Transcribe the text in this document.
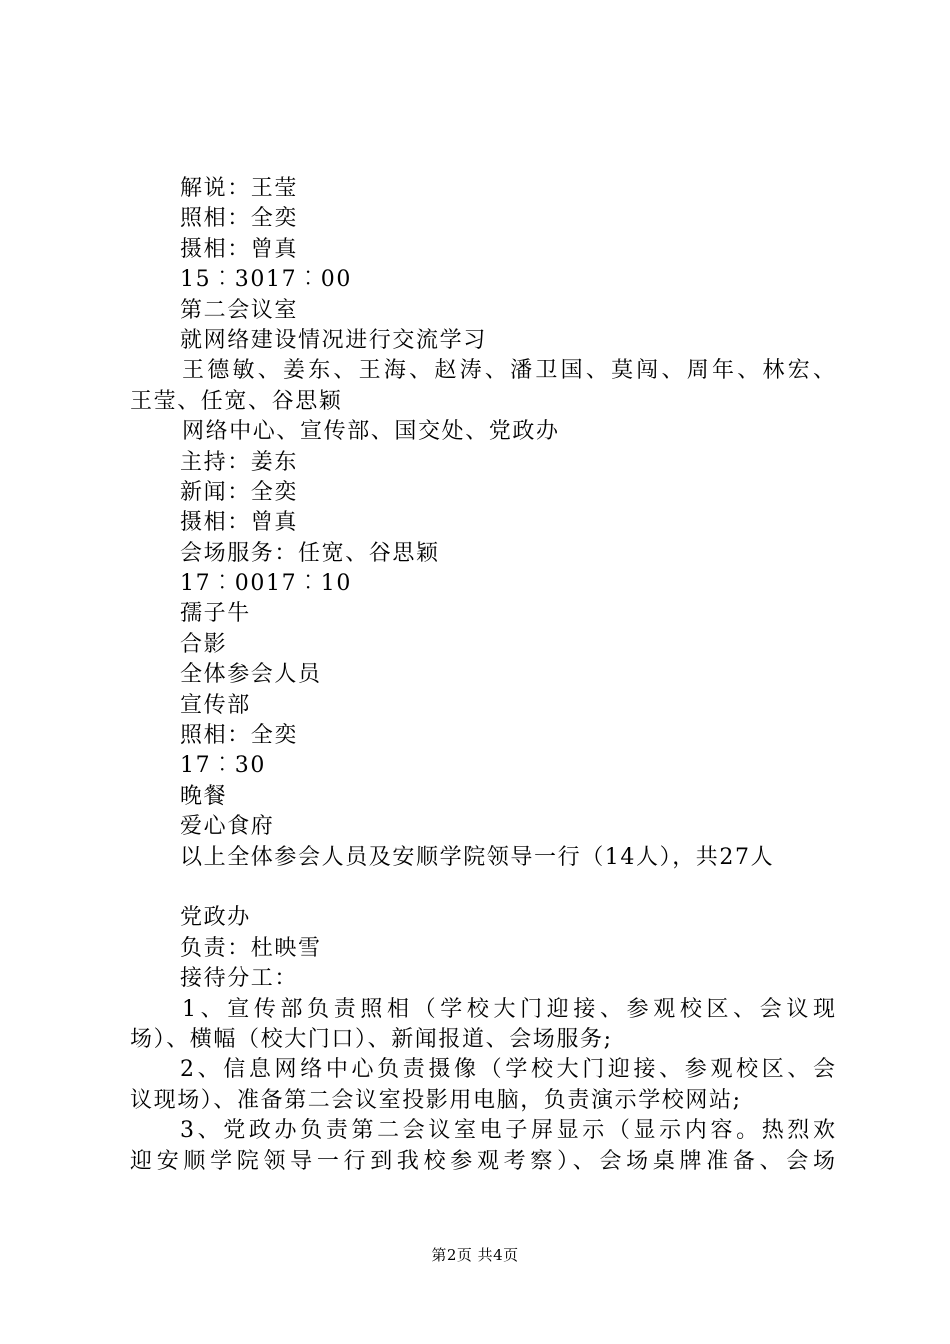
解说：王莹
照相：全奕
摄相：曾真
15︰3017︰00
第二会议室
就网络建设情况进行交流学习
王德敏、姜东、王海、赵涛、潘卫国、莫闯、周年、林宏、
王莹、任宽、谷思颖
网络中心、宣传部、国交处、党政办
主持：姜东
新闻：全奕
摄相：曾真
会场服务：任宽、谷思颖
17︰0017︰10
孺子牛
合影
全体参会人员
宣传部
照相：全奕
17︰30
晚餐
爱心食府
以上全体参会人员及安顺学院领导一行（14人），共27人
党政办
负责：杜映雪
接待分工：
1、宣传部负责照相（学校大门迎接、参观校区、会议现
场）、横幅（校大门口）、新闻报道、会场服务;
2、信息网络中心负责摄像（学校大门迎接、参观校区、会
议现场）、准备第二会议室投影用电脑，负责演示学校网站;
3、党政办负责第二会议室电子屏显示（显示内容。热烈欢
迎安顺学院领导一行到我校参观考察）、会场桌牌准备、会场
第2页 共4页
